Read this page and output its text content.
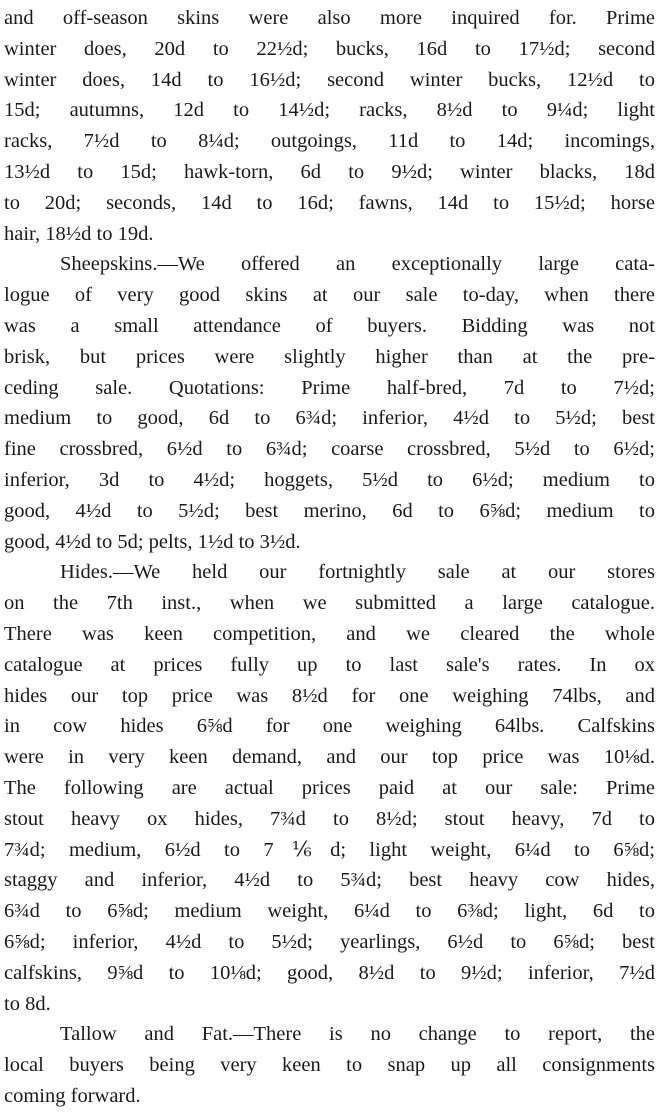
and off-season skins were also more inquired for. Prime
winter does, 20d to 22½d; bucks, 16d to 17½d; second
winter does, 14d to 16½d; second winter bucks, 12½d to
15d; autumns, 12d to 14½d; racks, 8½d to 9¼d; light
racks, 7½d to 8¼d; outgoings, 11d to 14d; incomings,
13½d to 15d; hawk-torn, 6d to 9½d; winter blacks, 18d
to 20d; seconds, 14d to 16d; fawns, 14d to 15½d; horse
hair, 18½d to 19d.
Sheepskins.—We offered an exceptionally large cata-
logue of very good skins at our sale to-day, when there
was a small attendance of buyers. Bidding was not
brisk, but prices were slightly higher than at the pre-
ceding sale. Quotations: Prime half-bred, 7d to 7½d;
medium to good, 6d to 6¾d; inferior, 4½d to 5½d; best
fine crossbred, 6½d to 6¾d; coarse crossbred, 5½d to 6½d;
inferior, 3d to 4½d; hoggets, 5½d to 6½d; medium to
good, 4½d to 5½d; best merino, 6d to 6⅝d; medium to
good, 4½d to 5d; pelts, 1½d to 3½d.
Hides.—We held our fortnightly sale at our stores
on the 7th inst., when we submitted a large catalogue.
There was keen competition, and we cleared the whole
catalogue at prices fully up to last sale's rates. In ox
hides our top price was 8½d for one weighing 74lbs, and
in cow hides 6⅝d for one weighing 64lbs. Calfskins
were in very keen demand, and our top price was 10⅛d.
The following are actual prices paid at our sale: Prime
stout heavy ox hides, 7¾d to 8½d; stout heavy, 7d to
7¾d; medium, 6½d to 7⅙d; light weight, 6¼d to 6⅝d;
staggy and inferior, 4½d to 5¾d; best heavy cow hides,
6¾d to 6⅝d; medium weight, 6¼d to 6⅜d; light, 6d to
6⅝d; inferior, 4½d to 5½d; yearlings, 6½d to 6⅝d; best
calfskins, 9⅝d to 10⅛d; good, 8½d to 9½d; inferior, 7½d
to 8d.
Tallow and Fat.—There is no change to report, the
local buyers being very keen to snap up all consignments
coming forward.
